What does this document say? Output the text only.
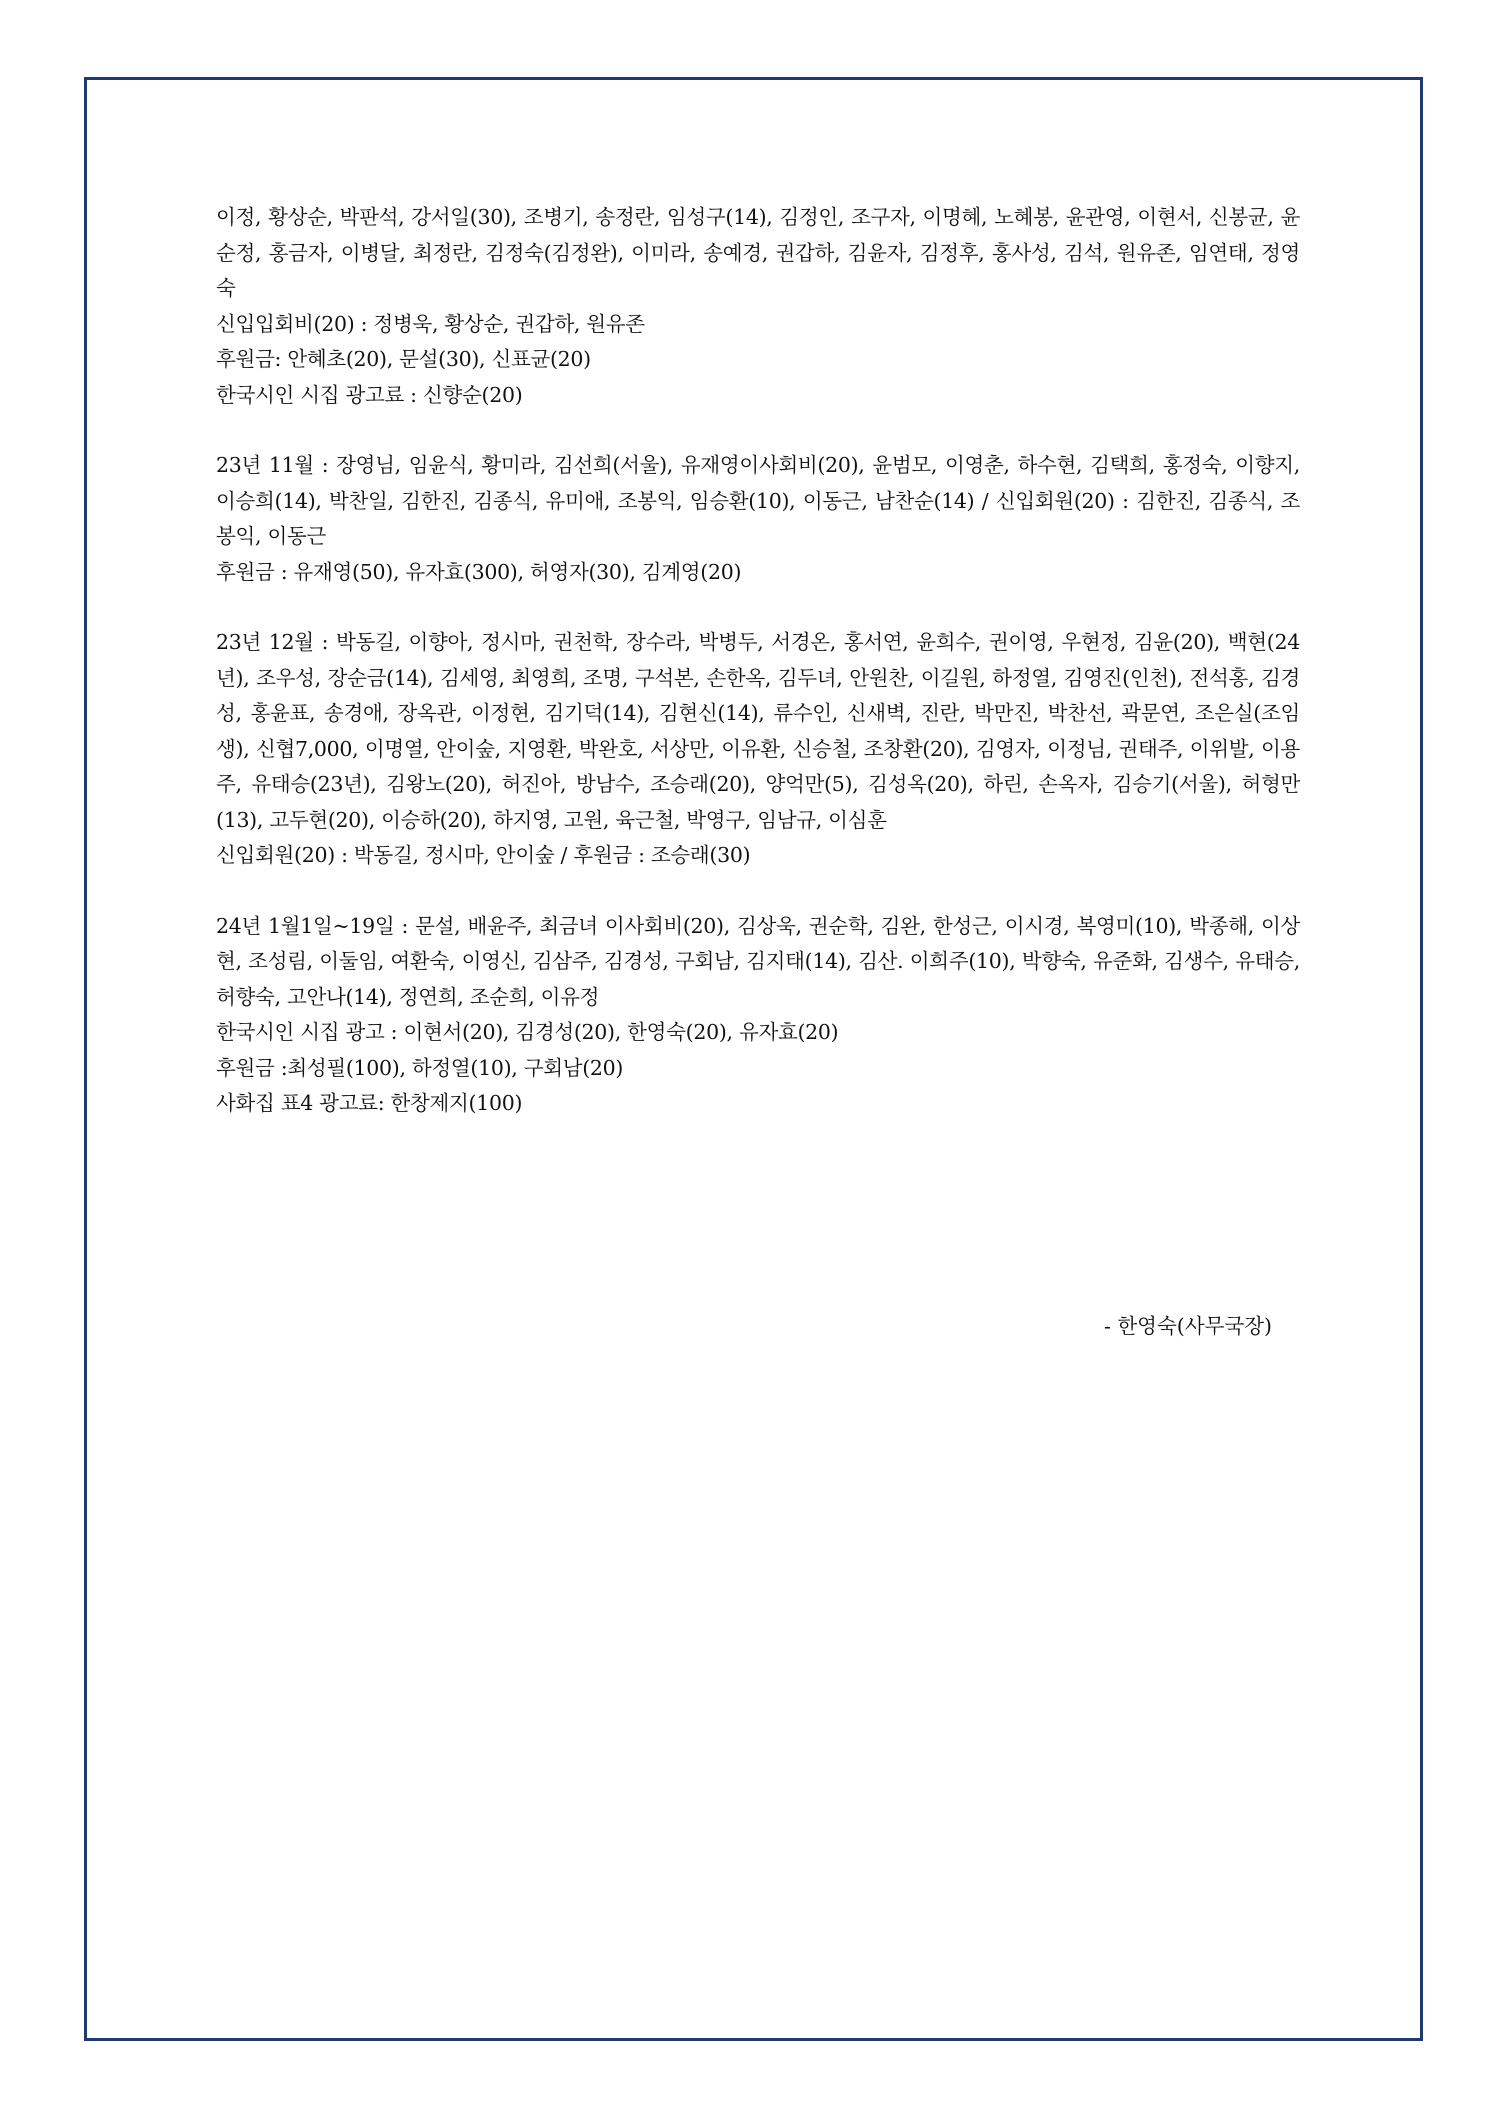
이정, 황상순, 박판석, 강서일(30), 조병기, 송정란, 임성구(14), 김정인, 조구자, 이명혜, 노혜봉, 윤관영, 이현서, 신봉균, 윤순정, 홍금자, 이병달, 최정란, 김정숙(김정완), 이미라, 송예경, 권갑하, 김윤자, 김정후, 홍사성, 김석, 원유존, 임연태, 정영숙

신입입회비(20) : 정병욱, 황상순, 권갑하, 원유존

후원금: 안혜초(20), 문설(30), 신표균(20)

한국시인 시집 광고료 : 신향순(20)

23년 11월 : 장영님, 임윤식, 황미라, 김선희(서울), 유재영이사회비(20), 윤범모, 이영춘, 하수현, 김택희, 홍정숙, 이향지, 이승희(14), 박찬일, 김한진, 김종식, 유미애, 조봉익, 임승환(10), 이동근, 남찬순(14) / 신입회원(20) : 김한진, 김종식, 조봉익, 이동근

후원금 : 유재영(50), 유자효(300), 허영자(30), 김계영(20)

23년 12월 : 박동길, 이향아, 정시마, 권천학, 장수라, 박병두, 서경온, 홍서연, 윤희수, 권이영, 우현정, 김윤(20), 백현(24년), 조우성, 장순금(14), 김세영, 최영희, 조명, 구석본, 손한옥, 김두녀, 안원찬, 이길원, 하정열, 김영진(인천), 전석홍, 김경성, 홍윤표, 송경애, 장옥관, 이정현, 김기덕(14), 김현신(14), 류수인, 신새벽, 진란, 박만진, 박찬선, 곽문연, 조은실(조임생), 신협7,000, 이명열, 안이숲, 지영환, 박완호, 서상만, 이유환, 신승철, 조창환(20), 김영자, 이정님, 권태주, 이위발, 이용주, 유태승(23년), 김왕노(20), 허진아, 방남수, 조승래(20), 양억만(5), 김성옥(20), 하린, 손옥자, 김승기(서울), 허형만(13), 고두현(20), 이승하(20), 하지영, 고원, 육근철, 박영구, 임남규, 이심훈

신입회원(20) : 박동길, 정시마, 안이숲 / 후원금 : 조승래(30)

24년 1월1일~19일 : 문설, 배윤주, 최금녀 이사회비(20), 김상욱, 권순학, 김완, 한성근, 이시경, 복영미(10), 박종해, 이상현, 조성림, 이둘임, 여환숙, 이영신, 김삼주, 김경성, 구회남, 김지태(14), 김산. 이희주(10), 박향숙, 유준화, 김생수, 유태승, 허향숙, 고안나(14), 정연희, 조순희, 이유정

한국시인 시집 광고 : 이현서(20), 김경성(20), 한영숙(20), 유자효(20)

후원금 :최성필(100), 하정열(10), 구회남(20)

사화집 표4 광고료: 한창제지(100)

- 한영숙(사무국장)
